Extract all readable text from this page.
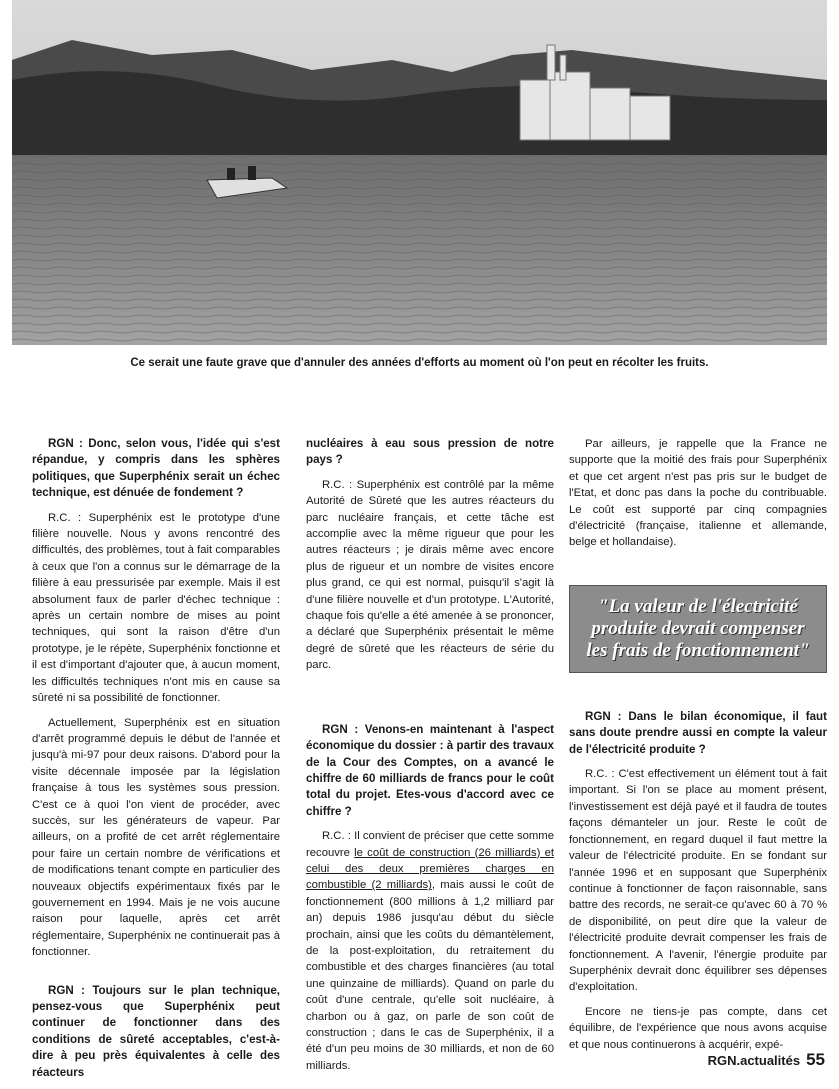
Ce serait une faute grave que d'annuler des années d'efforts au moment où l'on peut en récolter les fruits.

RGN : Donc, selon vous, l'idée qui s'est répandue, y compris dans les sphères politiques, que Superphénix serait un échec technique, est dénuée de fondement ?

R.C. : Superphénix est le prototype d'une filière nouvelle. Nous y avons rencontré des difficultés, des problèmes, tout à fait comparables à ceux que l'on a connus sur le démarrage de la filière à eau pressurisée par exemple. Mais il est absolument faux de parler d'échec technique : après un certain nombre de mises au point techniques, qui sont la raison d'être d'un prototype, je le répète, Superphénix fonctionne et il est d'important d'ajouter que, à aucun moment, les difficultés techniques n'ont mis en cause sa sûreté ni sa possibilité de fonctionner.

Actuellement, Superphénix est en situation d'arrêt programmé depuis le début de l'année et jusqu'à mi-97 pour deux raisons. D'abord pour la visite décennale imposée par la législation française à tous les systèmes sous pression. C'est ce à quoi l'on vient de procéder, avec succès, sur les générateurs de vapeur. Par ailleurs, on a profité de cet arrêt réglementaire pour faire un certain nombre de vérifications et de modifications tenant compte en particulier des nouveaux objectifs expérimentaux fixés par le gouvernement en 1994. Mais je ne vois aucune raison pour laquelle, après cet arrêt réglementaire, Superphénix ne continuerait pas à fonctionner.

RGN : Toujours sur le plan technique, pensez-vous que Superphénix peut continuer de fonctionner dans des conditions de sûreté acceptables, c'est-à-dire à peu près équivalentes à celle des réacteurs

nucléaires à eau sous pression de notre pays ?

R.C. : Superphénix est contrôlé par la même Autorité de Sûreté que les autres réacteurs du parc nucléaire français, et cette tâche est accomplie avec la même rigueur que pour les autres réacteurs ; je dirais même avec encore plus de rigueur et un nombre de visites encore plus grand, ce qui est normal, puisqu'il s'agit là d'une filière nouvelle et d'un prototype. L'Autorité, chaque fois qu'elle a été amenée à se prononcer, a déclaré que Superphénix présentait le même degré de sûreté que les réacteurs de série du parc.

RGN : Venons-en maintenant à l'aspect économique du dossier : à partir des travaux de la Cour des Comptes, on a avancé le chiffre de 60 milliards de francs pour le coût total du projet. Etes-vous d'accord avec ce chiffre ?

R.C. : Il convient de préciser que cette somme recouvre le coût de construction (26 milliards) et celui des deux premières charges en combustible (2 milliards), mais aussi le coût de fonctionnement (800 millions à 1,2 milliard par an) depuis 1986 jusqu'au début du siècle prochain, ainsi que les coûts du démantèlement, de la post-exploitation, du retraitement du combustible et des charges financières (au total une quinzaine de milliards). Quand on parle du coût d'une centrale, qu'elle soit nucléaire, à charbon ou à gaz, on parle de son coût de construction ; dans le cas de Superphénix, il a été d'un peu moins de 30 milliards, et non de 60 milliards.

Par ailleurs, je rappelle que la France ne supporte que la moitié des frais pour Superphénix et que cet argent n'est pas pris sur le budget de l'Etat, et donc pas dans la poche du contribuable. Le coût est supporté par cinq compagnies d'électricité (française, italienne et allemande, belge et hollandaise).

"La valeur de l'électricité produite devrait compenser les frais de fonctionnement"

RGN : Dans le bilan économique, il faut sans doute prendre aussi en compte la valeur de l'électricité produite ?

R.C. : C'est effectivement un élément tout à fait important. Si l'on se place au moment présent, l'investissement est déjà payé et il faudra de toutes façons démanteler un jour. Reste le coût de fonctionnement, en regard duquel il faut mettre la valeur de l'électricité produite. En se fondant sur l'année 1996 et en supposant que Superphénix continue à fonctionner de façon raisonnable, sans battre des records, ne serait-ce qu'avec 60 à 70 % de disponibilité, on peut dire que la valeur de l'électricité produite devrait compenser les frais de fonctionnement. A l'avenir, l'énergie produite par Superphénix devrait donc équilibrer ses dépenses d'exploitation.

Encore ne tiens-je pas compte, dans cet équilibre, de l'expérience que nous avons acquise et que nous continuerons à acquérir, expé-

RGN.actualités 55
